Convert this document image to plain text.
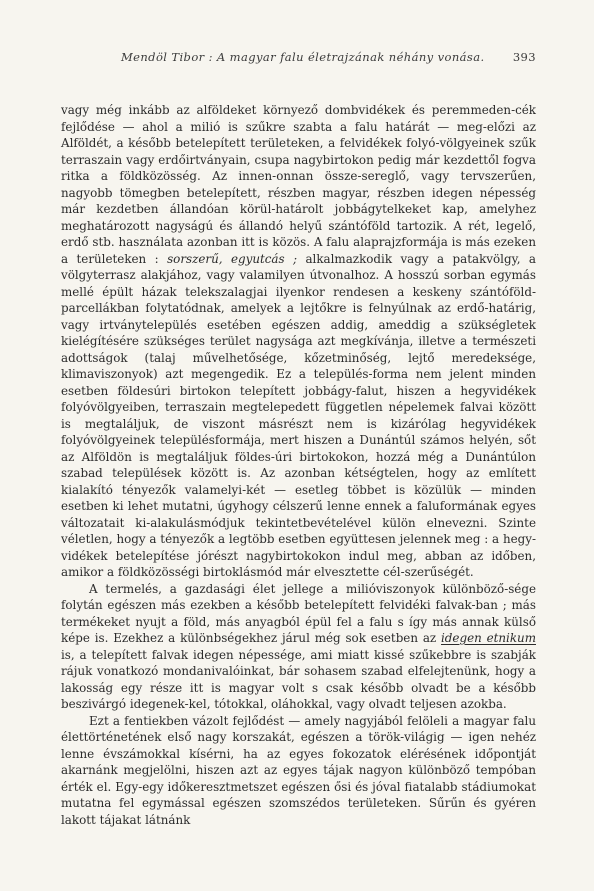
Mendöl Tibor : A magyar falu életrajzának néhány vonása. 393

vagy még inkább az alföldeket környező dombvidékek és peremmeden-cék fejlődése — ahol a milió is szűkre szabta a falu határát — meg-előzi az Alföldét, a később betelepített területeken, a felvidékek folyó-völgyeinek szűk terraszain vagy erdőirtványain, csupa nagybirtokon pedig már kezdettől fogva ritka a földközösség. Az innen-onnan össze-sereglő, vagy tervszerűen, nagyobb tömegben betelepített, részben magyar, részben idegen népesség már kezdetben állandóan körül-határolt jobbágytelkeket kap, amelyhez meghatározott nagyságú és állandó helyű szántóföld tartozik. A rét, legelő, erdő stb. használata azonban itt is közös. A falu alaprajzformája is más ezeken a területeken : sorszerű, egyutcás ; alkalmazkodik vagy a patakvölgy, a völgyterrasz alakjához, vagy valamilyen útvonalhoz. A hosszú sorban egymás mellé épült házak telekszalagjai ilyenkor rendesen a keskeny szántóföld-parcellákban folytatódnak, amelyek a lejtőkre is felnyúlnak az erdő-határig, vagy irtványtelepülés esetében egészen addig, ameddig a szükségletek kielégítésére szükséges terület nagysága azt megkívánja, illetve a természeti adottságok (talaj művelhetősége, kőzetminőség, lejtő meredeksége, klimaviszonyok) azt megengedik. Ez a település-forma nem jelent minden esetben földesúri birtokon telepített jobbágy-falut, hiszen a hegyvidékek folyóvölgyeiben, terraszain megtelepedett független népelemek falvai között is megtaláljuk, de viszont másrészt nem is kizárólag hegyvidékek folyóvölgyeinek településformája, mert hiszen a Dunántúl számos helyén, sőt az Alföldön is megtaláljuk földes-úri birtokokon, hozzá még a Dunántúlon szabad települések között is. Az azonban kétségtelen, hogy az említett kialakító tényezők valamelyi-két — esetleg többet is közülük — minden esetben ki lehet mutatni, úgyhogy célszerű lenne ennek a faluformának egyes változatait ki-alakulásmódjuk tekintetbevételével külön elnevezni. Szinte véletlen, hogy a tényezők a legtöbb esetben együttesen jelennek meg : a hegy-vidékek betelepítése jórészt nagybirtokokon indul meg, abban az időben, amikor a földközösségi birtoklásmód már elvesztette cél-szerűségét.

A termelés, a gazdasági élet jellege a milióviszonyok különböző-sége folytán egészen más ezekben a később betelepített felvidéki falvak-ban ; más termékeket nyujt a föld, más anyagból épül fel a falu s így más annak külső képe is. Ezekhez a különbségekhez járul még sok esetben az idegen etnikum is, a telepített falvak idegen népessége, ami miatt kissé szűkebbre is szabják rájuk vonatkozó mondanivalóinkat, bár sohasem szabad elfelejtenünk, hogy a lakosság egy része itt is magyar volt s csak később olvadt be a később beszivárgó idegenek-kel, tótokkal, oláhokkal, vagy olvadt teljesen azokba.

Ezt a fentiekben vázolt fejlődést — amely nagyjából felöleli a magyar falu élettörténetének első nagy korszakát, egészen a török-világig — igen nehéz lenne évszámokkal kísérni, ha az egyes fokozatok elérésének időpontját akarnánk megjelölni, hiszen azt az egyes tájak nagyon különböző tempóban érték el. Egy-egy időkeresztmetszet egészen ősi és jóval fiatalabb stádiumokat mutatna fel egymással egészen szomszédos területeken. Sűrűn és gyéren lakott tájakat látnánk
